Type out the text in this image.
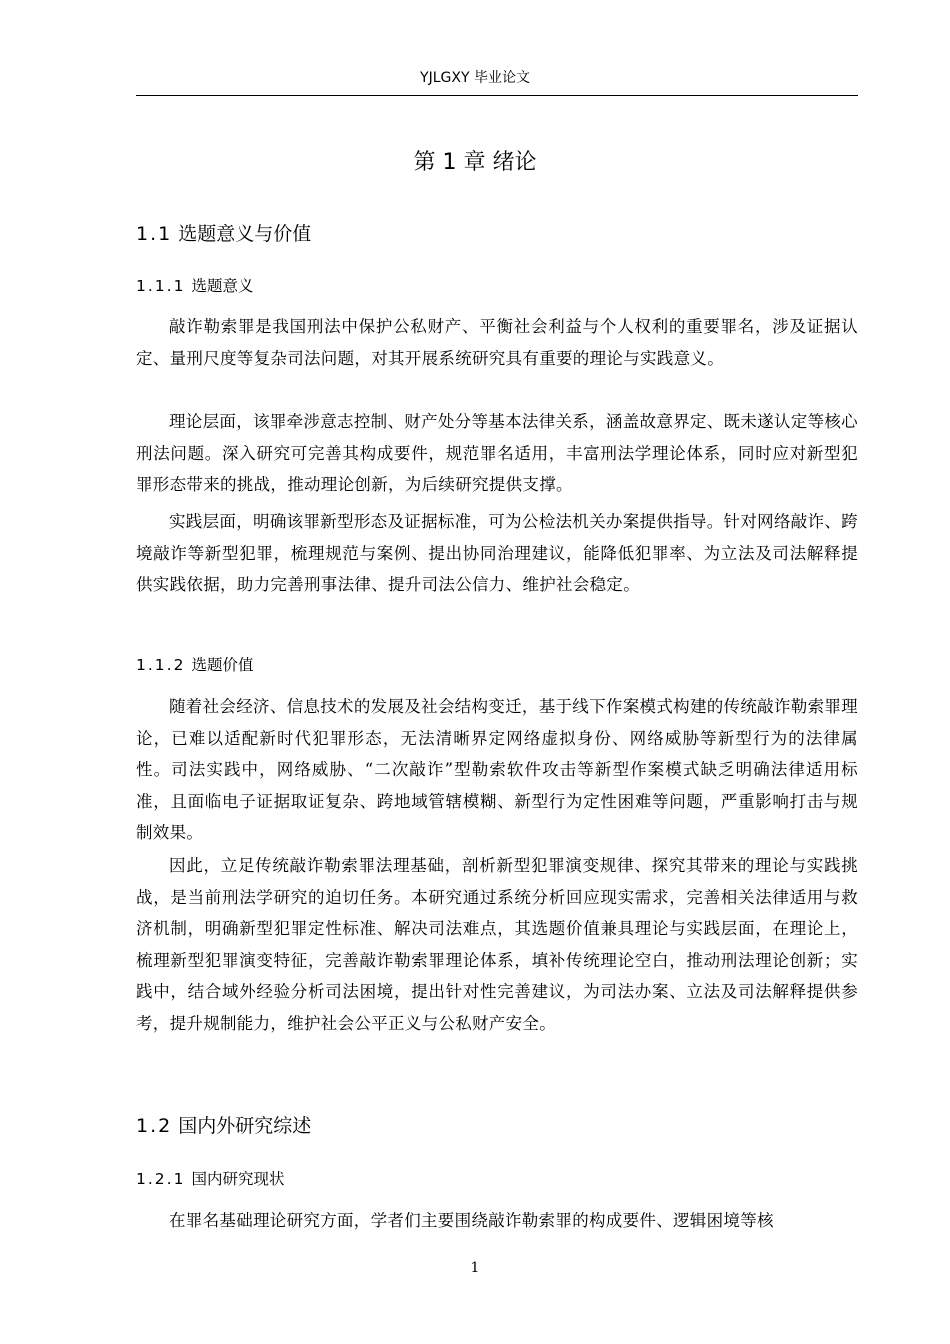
YJLGXY 毕业论文
第 1 章 绪论
1.1 选题意义与价值
1.1.1 选题意义
敲诈勒索罪是我国刑法中保护公私财产、平衡社会利益与个人权利的重要罪名，涉及证据认定、量刑尺度等复杂司法问题，对其开展系统研究具有重要的理论与实践意义。
理论层面，该罪牵涉意志控制、财产处分等基本法律关系，涵盖故意界定、既未遂认定等核心刑法问题。深入研究可完善其构成要件，规范罪名适用，丰富刑法学理论体系，同时应对新型犯罪形态带来的挑战，推动理论创新，为后续研究提供支撑。
实践层面，明确该罪新型形态及证据标准，可为公检法机关办案提供指导。针对网络敲诈、跨境敲诈等新型犯罪，梳理规范与案例、提出协同治理建议，能降低犯罪率、为立法及司法解释提供实践依据，助力完善刑事法律、提升司法公信力、维护社会稳定。
1.1.2 选题价值
随着社会经济、信息技术的发展及社会结构变迁，基于线下作案模式构建的传统敲诈勒索罪理论，已难以适配新时代犯罪形态，无法清晰界定网络虚拟身份、网络威胁等新型行为的法律属性。司法实践中，网络威胁、“二次敲诈”型勒索软件攻击等新型作案模式缺乏明确法律适用标准，且面临电子证据取证复杂、跨地域管辖模糊、新型行为定性困难等问题，严重影响打击与规制效果。
因此，立足传统敲诈勒索罪法理基础，剖析新型犯罪演变规律、探究其带来的理论与实践挑战，是当前刑法学研究的迫切任务。本研究通过系统分析回应现实需求，完善相关法律适用与救济机制，明确新型犯罪定性标准、解决司法难点，其选题价值兼具理论与实践层面，在理论上，梳理新型犯罪演变特征，完善敲诈勒索罪理论体系，填补传统理论空白，推动刑法理论创新；实践中，结合域外经验分析司法困境，提出针对性完善建议，为司法办案、立法及司法解释提供参考，提升规制能力，维护社会公平正义与公私财产安全。
1.2 国内外研究综述
1.2.1 国内研究现状
在罪名基础理论研究方面，学者们主要围绕敲诈勒索罪的构成要件、逻辑困境等核
1
